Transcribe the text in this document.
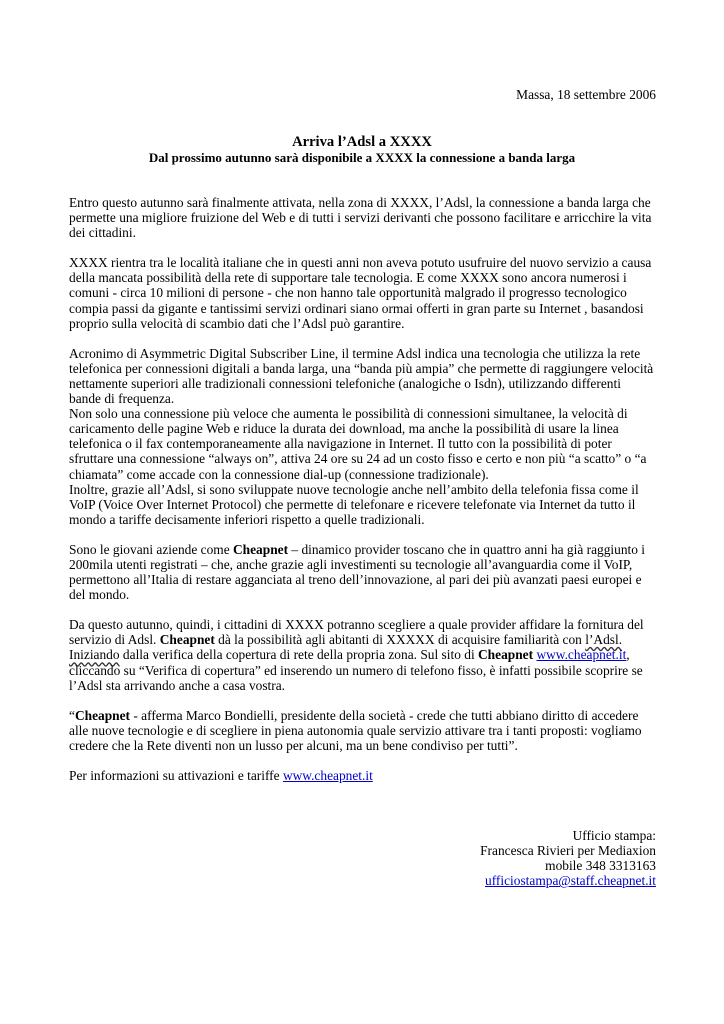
Massa, 18 settembre 2006
Arriva l’Adsl a XXXX
Dal prossimo autunno sarà disponibile a XXXX la connessione a banda larga

Entro questo autunno sarà finalmente attivata, nella zona di XXXX, l’Adsl, la connessione a banda larga che
permette una migliore fruizione del Web e di tutti i servizi derivanti che possono facilitare e arricchire la vita
dei cittadini.

XXXX rientra tra le località italiane che in questi anni non aveva potuto usufruire del nuovo servizio a causa
della mancata possibilità della rete di supportare tale tecnologia. E come XXXX sono ancora numerosi i
comuni - circa 10 milioni di persone - che non hanno tale opportunità malgrado il progresso tecnologico
compia passi da gigante e tantissimi servizi ordinari siano ormai offerti in gran parte su Internet , basandosi
proprio sulla velocità di scambio dati che l’Adsl può garantire.

Acronimo di Asymmetric Digital Subscriber Line, il termine Adsl indica una tecnologia che utilizza la rete
telefonica per connessioni digitali a banda larga, una “banda più ampia” che permette di raggiungere velocità
nettamente superiori alle tradizionali connessioni telefoniche (analogiche o Isdn), utilizzando differenti
bande di frequenza.

Non solo una connessione più veloce che aumenta le possibilità di connessioni simultanee, la velocità di
caricamento delle pagine Web e riduce la durata dei download, ma anche la possibilità di usare la linea
telefonica o il fax contemporaneamente alla navigazione in Internet. Il tutto con la possibilità di poter
sfruttare una connessione “always on”, attiva 24 ore su 24 ad un costo fisso e certo e non più “a scatto” o “a
chiamata” come accade con la connessione dial-up (connessione tradizionale).

Inoltre, grazie all’Adsl, si sono sviluppate nuove tecnologie anche nell’ambito della telefonia fissa come il
VoIP (Voice Over Internet Protocol) che permette di telefonare e ricevere telefonate via Internet da tutto il
mondo a tariffe decisamente inferiori rispetto a quelle tradizionali.

Sono le giovani aziende come Cheapnet – dinamico provider toscano che in quattro anni ha già raggiunto i
200mila utenti registrati – che, anche grazie agli investimenti su tecnologie all’avanguardia come il VoIP,
permettono all’Italia di restare agganciata al treno dell’innovazione, al pari dei più avanzati paesi europei e
del mondo.

Da questo autunno, quindi, i cittadini di XXXX potranno scegliere a quale provider affidare la fornitura del
servizio di Adsl. Cheapnet dà la possibilità agli abitanti di XXXXX di acquisire familiarità con l’Adsl.
Iniziando dalla verifica della copertura di rete della propria zona. Sul sito di Cheapnet www.cheapnet.it,
cliccando su “Verifica di copertura” ed inserendo un numero di telefono fisso, è infatti possibile scoprire se
l’Adsl sta arrivando anche a casa vostra.

“Cheapnet - afferma Marco Bondielli, presidente della società - crede che tutti abbiano diritto di accedere
alle nuove tecnologie e di scegliere in piena autonomia quale servizio attivare tra i tanti proposti: vogliamo
credere che la Rete diventi non un lusso per alcuni, ma un bene condiviso per tutti”.

Per informazioni su attivazioni e tariffe www.cheapnet.it

Ufficio stampa:
Francesca Rivieri per Mediaxion
mobile 348 3313163
ufficiostampa@staff.cheapnet.it
